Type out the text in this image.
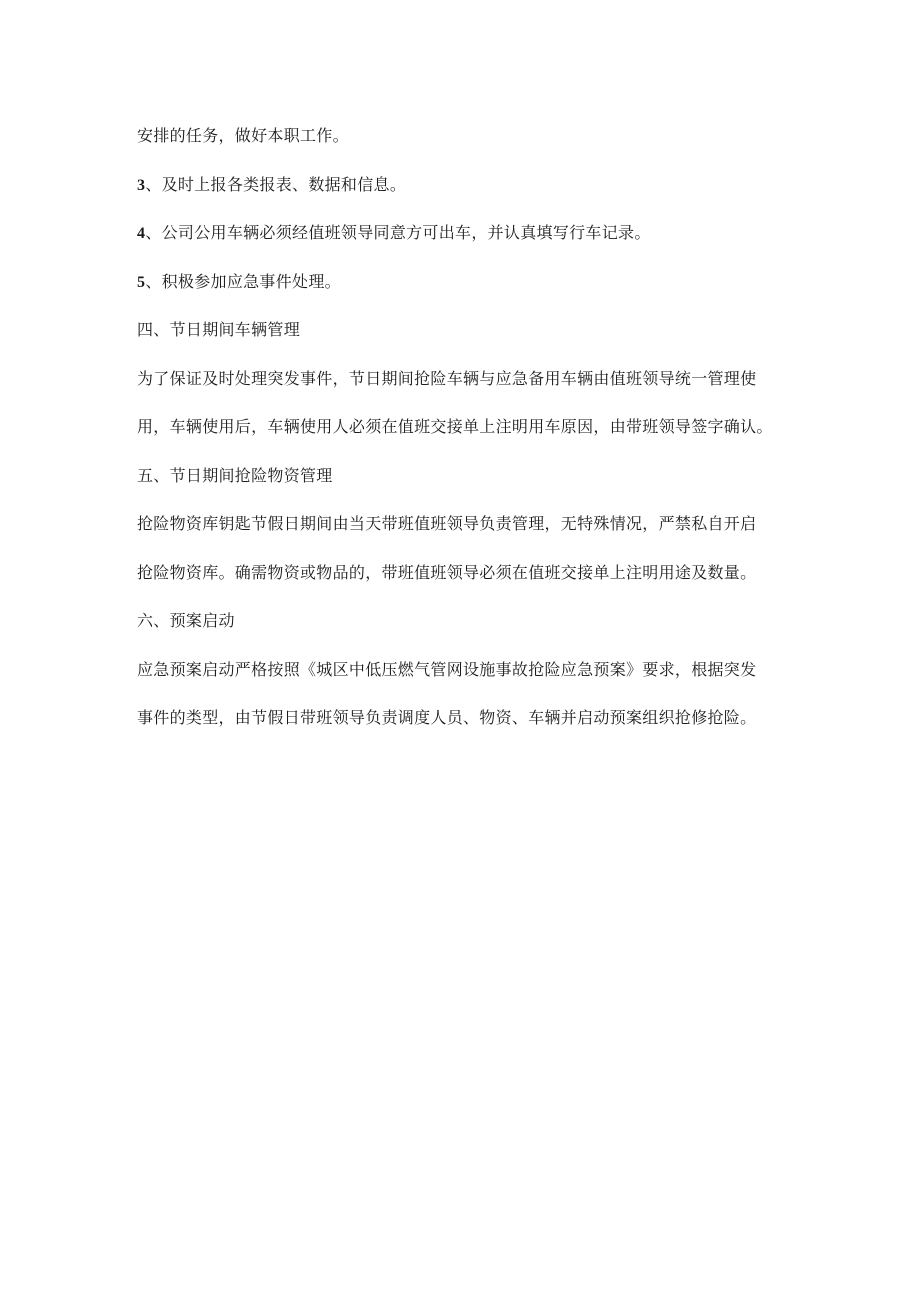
安排的任务，做好本职工作。

3、及时上报各类报表、数据和信息。

4、公司公用车辆必须经值班领导同意方可出车，并认真填写行车记录。

5、积极参加应急事件处理。

四、节日期间车辆管理

为了保证及时处理突发事件，节日期间抢险车辆与应急备用车辆由值班领导统一管理使

用，车辆使用后，车辆使用人必须在值班交接单上注明用车原因，由带班领导签字确认。

五、节日期间抢险物资管理

抢险物资库钥匙节假日期间由当天带班值班领导负责管理，无特殊情况，严禁私自开启

抢险物资库。确需物资或物品的，带班值班领导必须在值班交接单上注明用途及数量。

六、预案启动

应急预案启动严格按照《城区中低压燃气管网设施事故抢险应急预案》要求，根据突发

事件的类型，由节假日带班领导负责调度人员、物资、车辆并启动预案组织抢修抢险。
